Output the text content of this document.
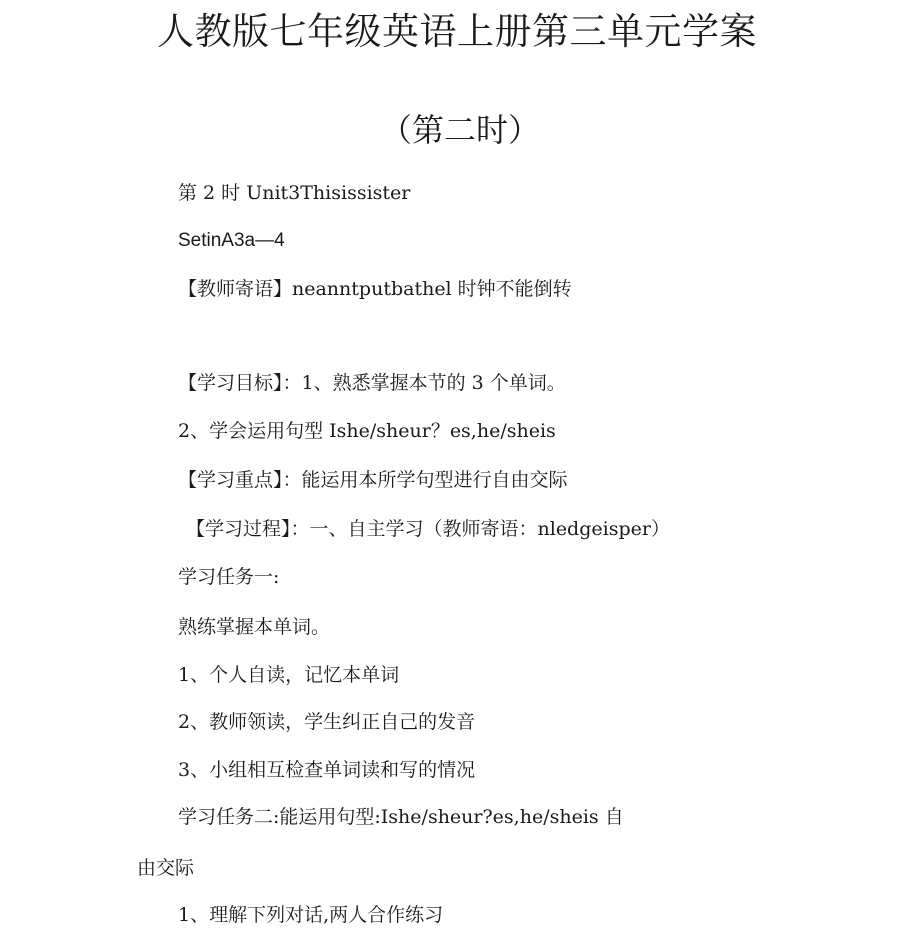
人教版七年级英语上册第三单元学案
（第二时）
第 2 时 Unit3Thisissister
SetinA3a—4
【教师寄语】neanntputbathel 时钟不能倒转
【学习目标】：1、熟悉掌握本节的 3 个单词。
2、学会运用句型 Ishe/sheur？es,he/sheis
【学习重点】：能运用本所学句型进行自由交际
【学习过程】：一、自主学习（教师寄语：nledgeisper）
学习任务一:
熟练掌握本单词。
1、个人自读，记忆本单词
2、教师领读，学生纠正自己的发音
3、小组相互检查单词读和写的情况
学习任务二:能运用句型:Ishe/sheur?es,he/sheis 自
由交际
1、理解下列对话,两人合作练习
